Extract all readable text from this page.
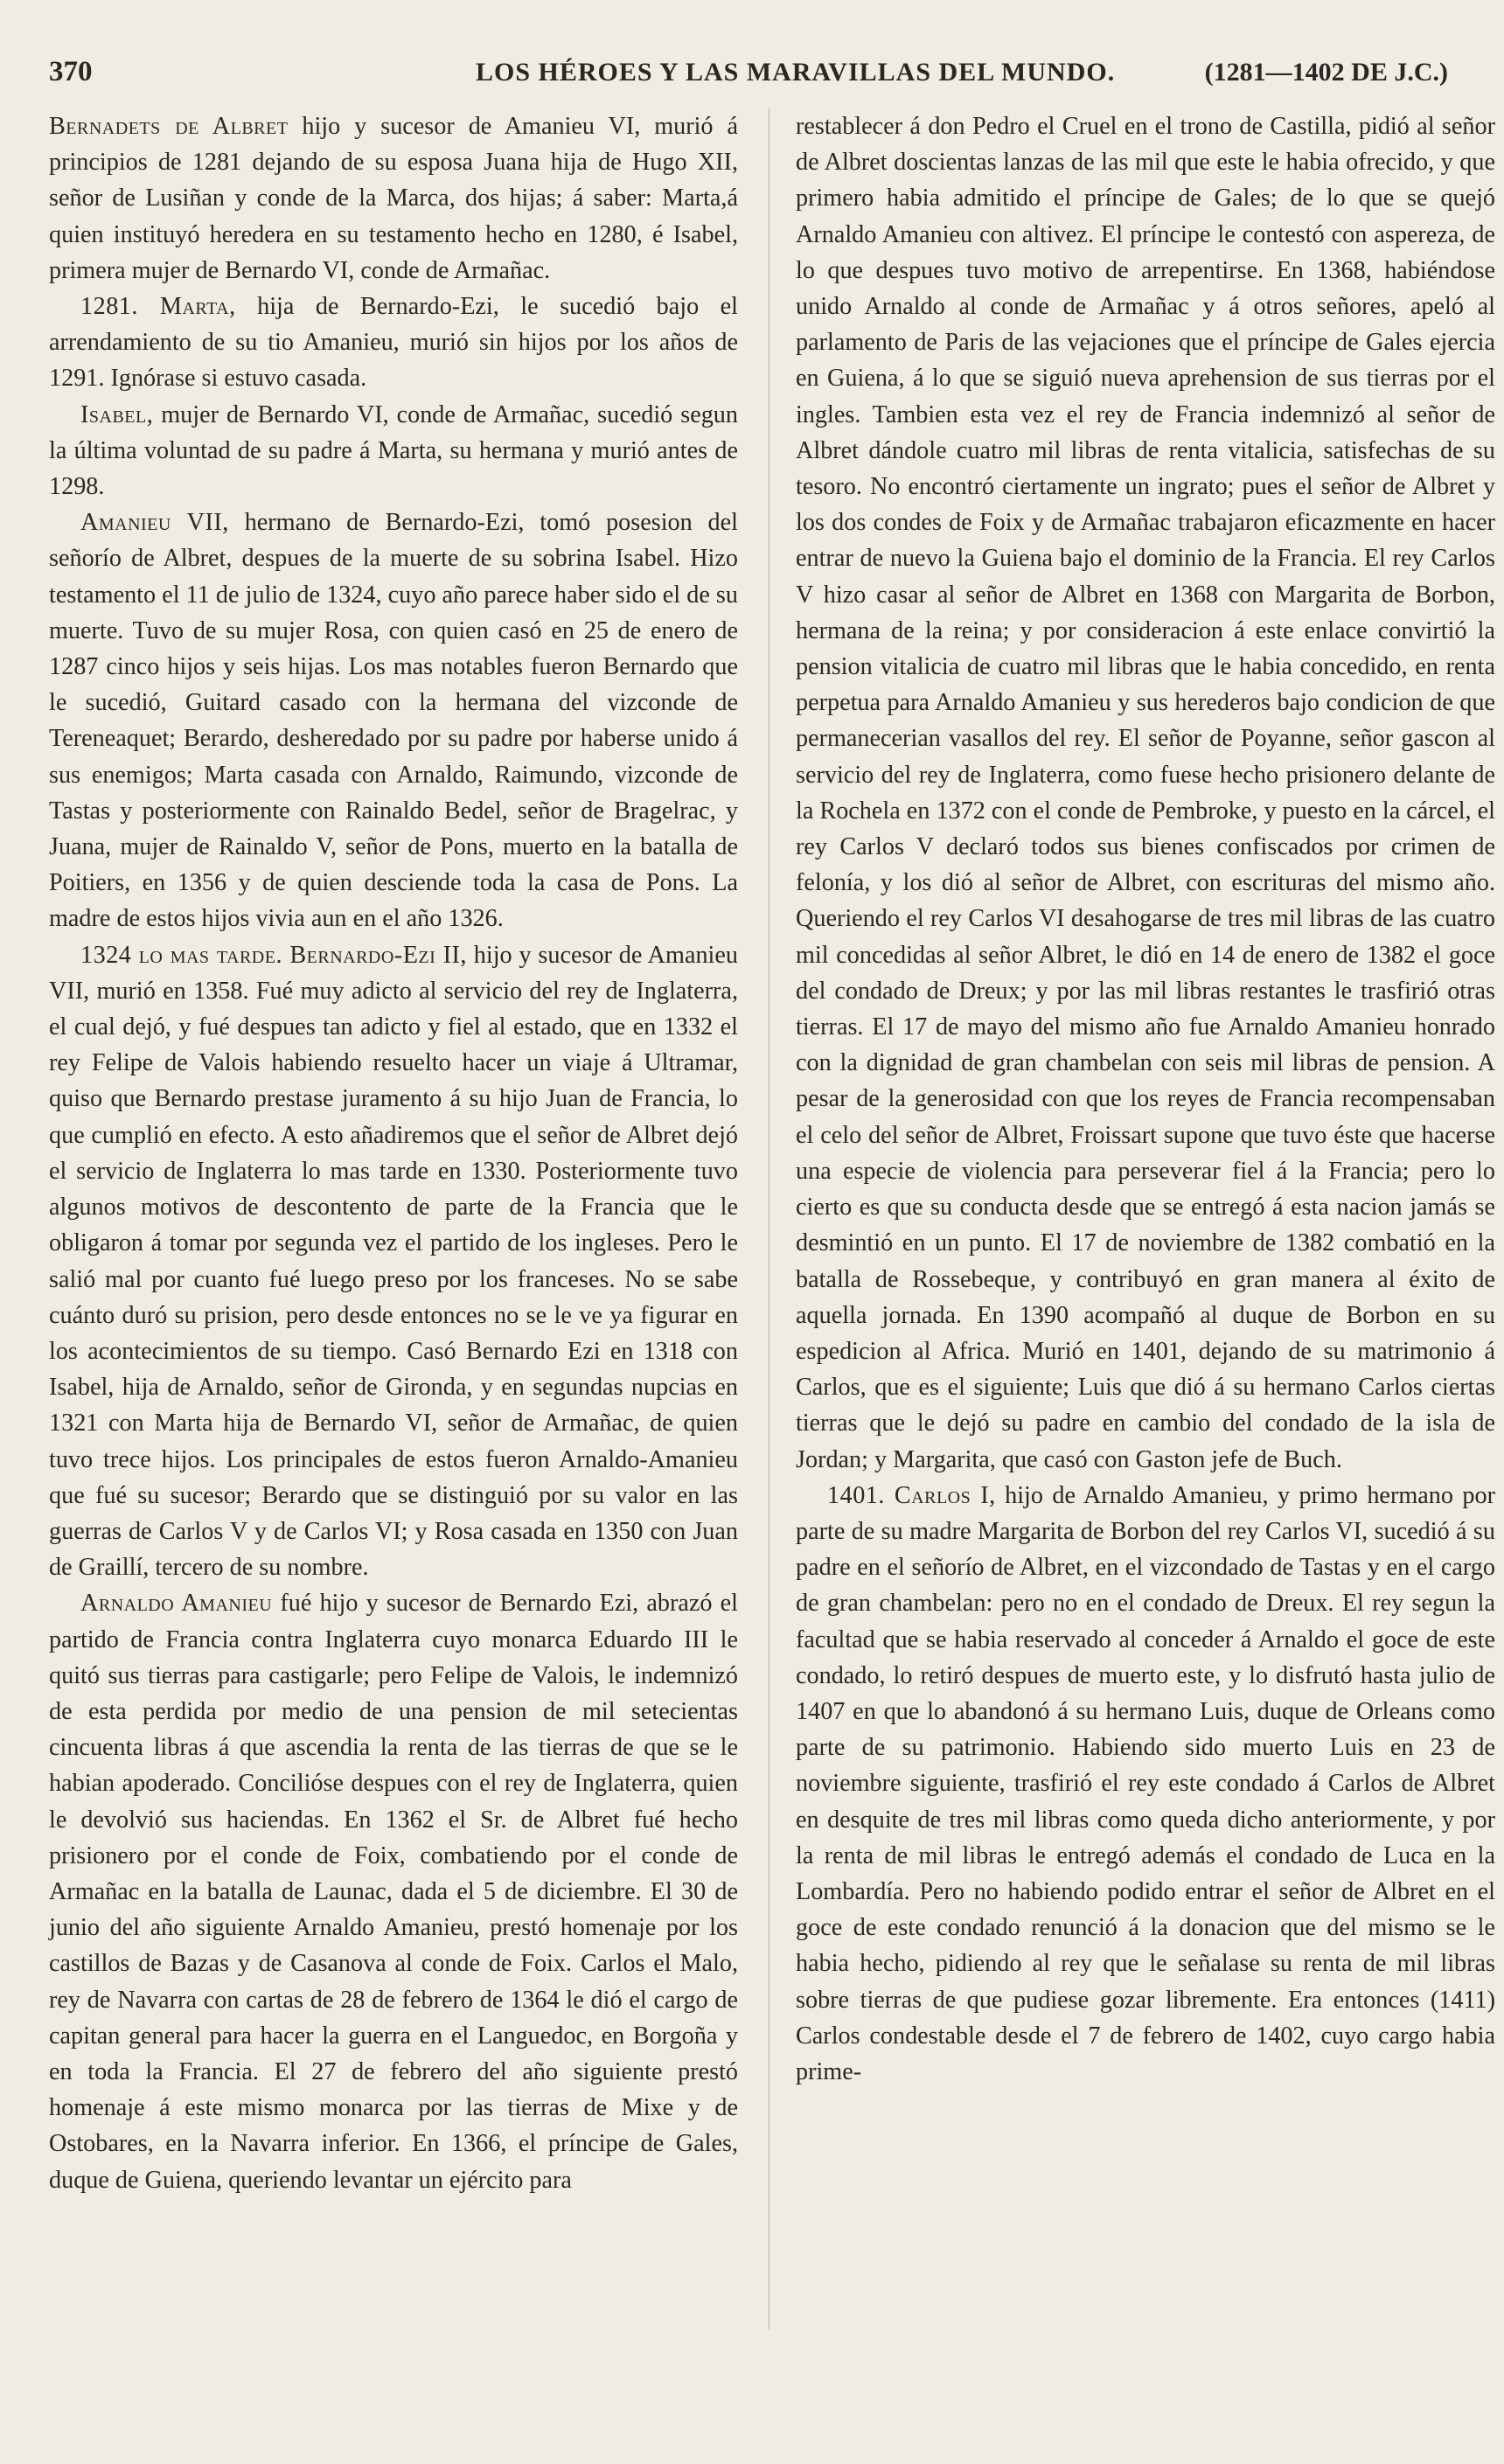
370	LOS HÉROES Y LAS MARAVILLAS DEL MUNDO.	(1281—1402 DE J.C.)

Bernadets de Albret hijo y sucesor de Amanieu VI, murió á principios de 1281 dejando de su esposa Juana hija de Hugo XII, señor de Lusiñan y conde de la Marca, dos hijas; á saber: Marta,á quien instituyó heredera en su testamento hecho en 1280, é Isabel, primera mujer de Bernardo VI, conde de Armañac.

1281. Marta, hija de Bernardo-Ezi, le sucedió bajo el arrendamiento de su tio Amanieu, murió sin hijos por los años de 1291. Ignórase si estuvo casada.

Isabel, mujer de Bernardo VI, conde de Armañac, sucedió segun la última voluntad de su padre á Marta, su hermana y murió antes de 1298.

Amanieu VII, hermano de Bernardo-Ezi, tomó posesion del señorío de Albret, despues de la muerte de su sobrina Isabel. Hizo testamento el 11 de julio de 1324, cuyo año parece haber sido el de su muerte. Tuvo de su mujer Rosa, con quien casó en 25 de enero de 1287 cinco hijos y seis hijas. Los mas notables fueron Bernardo que le sucedió, Guitard casado con la hermana del vizconde de Tereneaquet; Berardo, desheredado por su padre por haberse unido á sus enemigos; Marta casada con Arnaldo, Raimundo, vizconde de Tastas y posteriormente con Rainaldo Bedel, señor de Bragelrac, y Juana, mujer de Rainaldo V, señor de Pons, muerto en la batalla de Poitiers, en 1356 y de quien desciende toda la casa de Pons. La madre de estos hijos vivia aun en el año 1326.

1324 lo mas tarde. Bernardo-Ezi II, hijo y sucesor de Amanieu VII, murió en 1358. Fué muy adicto al servicio del rey de Inglaterra, el cual dejó, y fué despues tan adicto y fiel al estado, que en 1332 el rey Felipe de Valois habiendo resuelto hacer un viaje á Ultramar, quiso que Bernardo prestase juramento á su hijo Juan de Francia, lo que cumplió en efecto. A esto añadiremos que el señor de Albret dejó el servicio de Inglaterra lo mas tarde en 1330. Posteriormente tuvo algunos motivos de descontento de parte de la Francia que le obligaron á tomar por segunda vez el partido de los ingleses. Pero le salió mal por cuanto fué luego preso por los franceses. No se sabe cuánto duró su prision, pero desde entonces no se le ve ya figurar en los acontecimientos de su tiempo. Casó Bernardo Ezi en 1318 con Isabel, hija de Arnaldo, señor de Gironda, y en segundas nupcias en 1321 con Marta hija de Bernardo VI, señor de Armañac, de quien tuvo trece hijos. Los principales de estos fueron Arnaldo-Amanieu que fué su sucesor; Berardo que se distinguió por su valor en las guerras de Carlos V y de Carlos VI; y Rosa casada en 1350 con Juan de Graillí, tercero de su nombre.

Arnaldo Amanieu fué hijo y sucesor de Bernardo Ezi, abrazó el partido de Francia contra Inglaterra cuyo monarca Eduardo III le quitó sus tierras para castigarle; pero Felipe de Valois, le indemnizó de esta perdida por medio de una pension de mil setecientas cincuenta libras á que ascendia la renta de las tierras de que se le habian apoderado. Concilióse despues con el rey de Inglaterra, quien le devolvió sus haciendas. En 1362 el Sr. de Albret fué hecho prisionero por el conde de Foix, combatiendo por el conde de Armañac en la batalla de Launac, dada el 5 de diciembre. El 30 de junio del año siguiente Arnaldo Amanieu, prestó homenaje por los castillos de Bazas y de Casanova al conde de Foix. Carlos el Malo, rey de Navarra con cartas de 28 de febrero de 1364 le dió el cargo de capitan general para hacer la guerra en el Languedoc, en Borgoña y en toda la Francia. El 27 de febrero del año siguiente prestó homenaje á este mismo monarca por las tierras de Mixe y de Ostobares, en la Navarra inferior. En 1366, el príncipe de Gales, duque de Guiena, queriendo levantar un ejército para

restablecer á don Pedro el Cruel en el trono de Castilla, pidió al señor de Albret doscientas lanzas de las mil que este le habia ofrecido, y que primero habia admitido el príncipe de Gales; de lo que se quejó Arnaldo Amanieu con altivez. El príncipe le contestó con aspereza, de lo que despues tuvo motivo de arrepentirse. En 1368, habiéndose unido Arnaldo al conde de Armañac y á otros señores, apeló al parlamento de Paris de las vejaciones que el príncipe de Gales ejercia en Guiena, á lo que se siguió nueva aprehension de sus tierras por el ingles. Tambien esta vez el rey de Francia indemnizó al señor de Albret dándole cuatro mil libras de renta vitalicia, satisfechas de su tesoro. No encontró ciertamente un ingrato; pues el señor de Albret y los dos condes de Foix y de Armañac trabajaron eficazmente en hacer entrar de nuevo la Guiena bajo el dominio de la Francia. El rey Carlos V hizo casar al señor de Albret en 1368 con Margarita de Borbon, hermana de la reina; y por consideracion á este enlace convirtió la pension vitalicia de cuatro mil libras que le habia concedido, en renta perpetua para Arnaldo Amanieu y sus herederos bajo condicion de que permanecerian vasallos del rey. El señor de Poyanne, señor gascon al servicio del rey de Inglaterra, como fuese hecho prisionero delante de la Rochela en 1372 con el conde de Pembroke, y puesto en la cárcel, el rey Carlos V declaró todos sus bienes confiscados por crimen de felonía, y los dió al señor de Albret, con escrituras del mismo año. Queriendo el rey Carlos VI desahogarse de tres mil libras de las cuatro mil concedidas al señor Albret, le dió en 14 de enero de 1382 el goce del condado de Dreux; y por las mil libras restantes le trasfirió otras tierras. El 17 de mayo del mismo año fue Arnaldo Amanieu honrado con la dignidad de gran chambelan con seis mil libras de pension. A pesar de la generosidad con que los reyes de Francia recompensaban el celo del señor de Albret, Froissart supone que tuvo éste que hacerse una especie de violencia para perseverar fiel á la Francia; pero lo cierto es que su conducta desde que se entregó á esta nacion jamás se desmintió en un punto. El 17 de noviembre de 1382 combatió en la batalla de Rossebeque, y contribuyó en gran manera al éxito de aquella jornada. En 1390 acompañó al duque de Borbon en su espedicion al Africa. Murió en 1401, dejando de su matrimonio á Carlos, que es el siguiente; Luis que dió á su hermano Carlos ciertas tierras que le dejó su padre en cambio del condado de la isla de Jordan; y Margarita, que casó con Gaston jefe de Buch.

1401. Carlos I, hijo de Arnaldo Amanieu, y primo hermano por parte de su madre Margarita de Borbon del rey Carlos VI, sucedió á su padre en el señorío de Albret, en el vizcondado de Tastas y en el cargo de gran chambelan: pero no en el condado de Dreux. El rey segun la facultad que se habia reservado al conceder á Arnaldo el goce de este condado, lo retiró despues de muerto este, y lo disfrutó hasta julio de 1407 en que lo abandonó á su hermano Luis, duque de Orleans como parte de su patrimonio. Habiendo sido muerto Luis en 23 de noviembre siguiente, trasfirió el rey este condado á Carlos de Albret en desquite de tres mil libras como queda dicho anteriormente, y por la renta de mil libras le entregó además el condado de Luca en la Lombardía. Pero no habiendo podido entrar el señor de Albret en el goce de este condado renunció á la donacion que del mismo se le habia hecho, pidiendo al rey que le señalase su renta de mil libras sobre tierras de que pudiese gozar libremente. Era entonces (1411) Carlos condestable desde el 7 de febrero de 1402, cuyo cargo habia prime-
